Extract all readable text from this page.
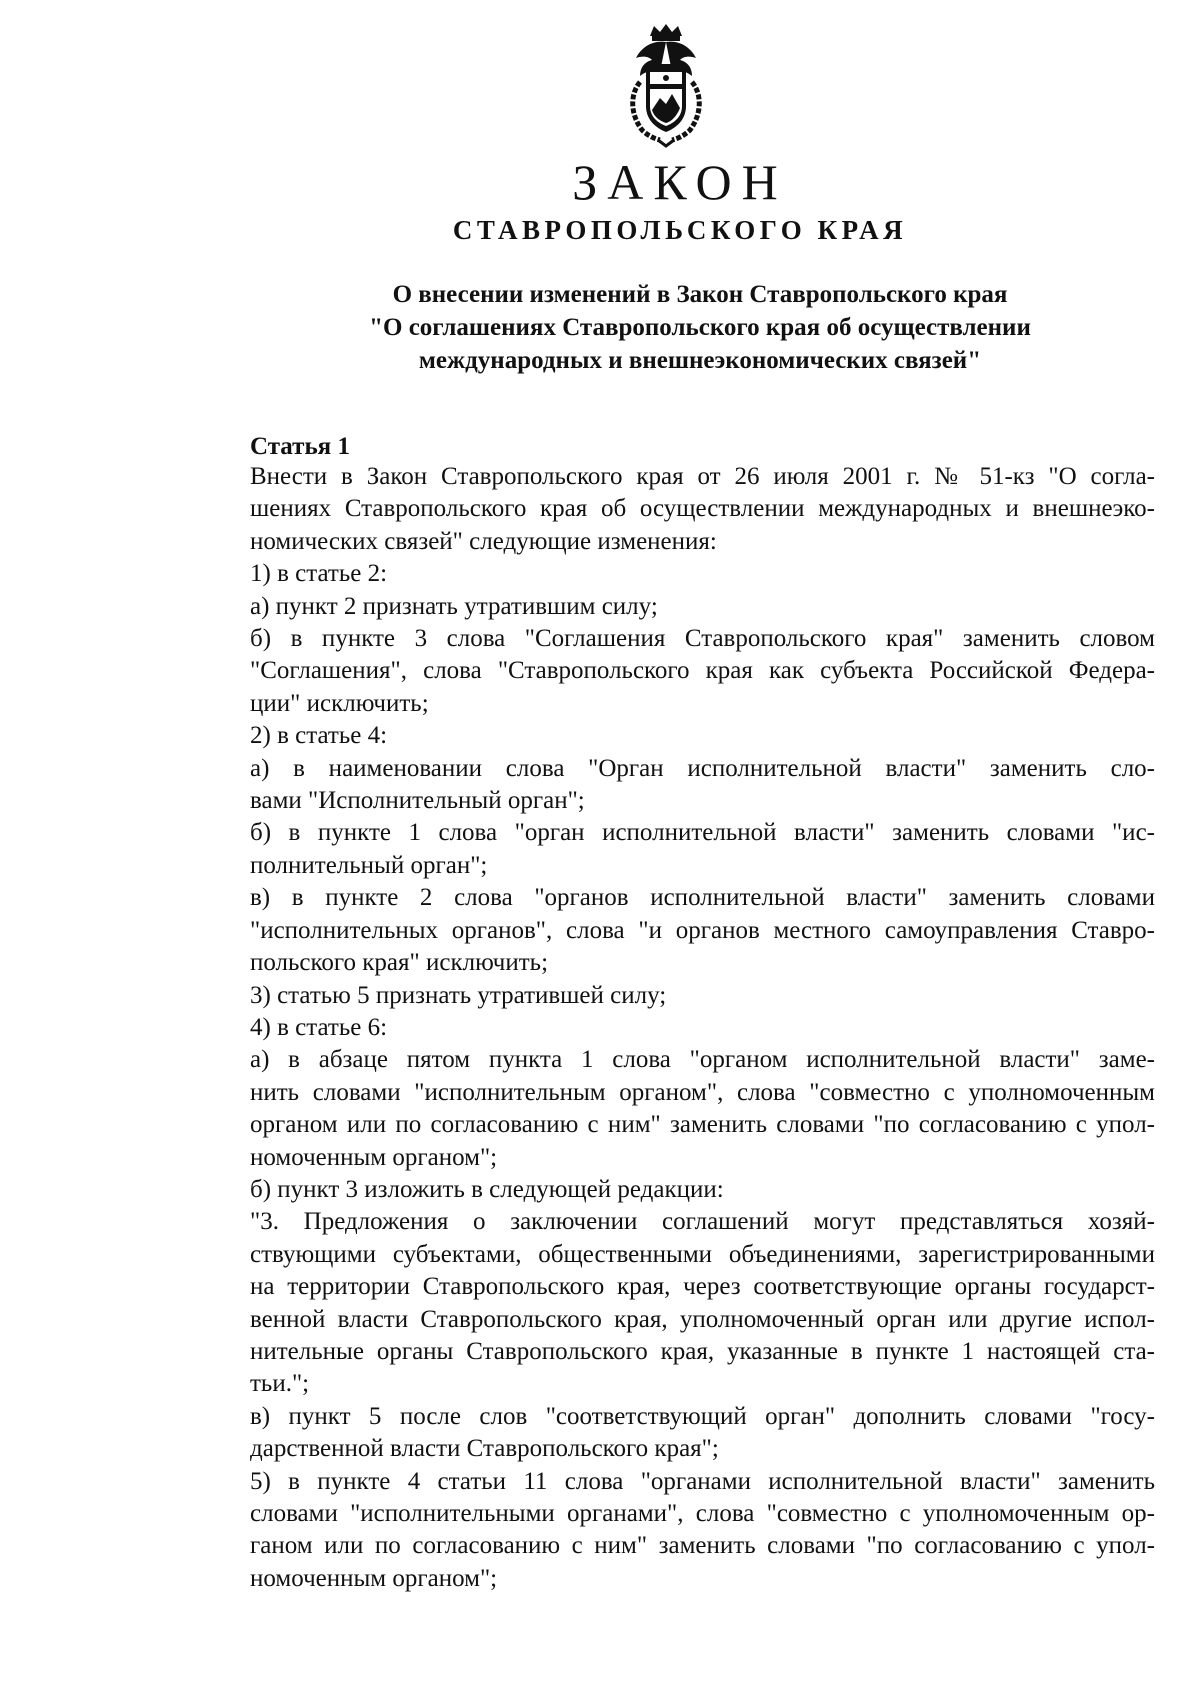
ЗАКОН
СТАВРОПОЛЬСКОГО КРАЯ
О внесении изменений в Закон Ставропольского края
"О соглашениях Ставропольского края об осуществлении
международных и внешнеэкономических связей"
Статья 1

Внести в Закон Ставропольского края от 26 июля 2001 г. № 51-кз "О согла-
шениях Ставропольского края об осуществлении международных и внешнеэко-
номических связей" следующие изменения:

1) в статье 2:

а) пункт 2 признать утратившим силу;

б) в пункте 3 слова "Соглашения Ставропольского края" заменить словом
"Соглашения", слова "Ставропольского края как субъекта Российской Федера-
ции" исключить;

2) в статье 4:

а) в наименовании слова "Орган исполнительной власти" заменить сло-
вами "Исполнительный орган";

б) в пункте 1 слова "орган исполнительной власти" заменить словами "ис-
полнительный орган";

в) в пункте 2 слова "органов исполнительной власти" заменить словами
"исполнительных органов", слова "и органов местного самоуправления Ставро-
польского края" исключить;

3) статью 5 признать утратившей силу;

4) в статье 6:

а) в абзаце пятом пункта 1 слова "органом исполнительной власти" заме-
нить словами "исполнительным органом", слова "совместно с уполномоченным
органом или по согласованию с ним" заменить словами "по согласованию с упол-
номоченным органом";

б) пункт 3 изложить в следующей редакции:

"3. Предложения о заключении соглашений могут представляться хозяй-
ствующими субъектами, общественными объединениями, зарегистрированными
на территории Ставропольского края, через соответствующие органы государст-
венной власти Ставропольского края, уполномоченный орган или другие испол-
нительные органы Ставропольского края, указанные в пункте 1 настоящей ста-
тьи.";

в) пункт 5 после слов "соответствующий орган" дополнить словами "госу-
дарственной власти Ставропольского края";

5) в пункте 4 статьи 11 слова "органами исполнительной власти" заменить
словами "исполнительными органами", слова "совместно с уполномоченным ор-
ганом или по согласованию с ним" заменить словами "по согласованию с упол-
номоченным органом";
